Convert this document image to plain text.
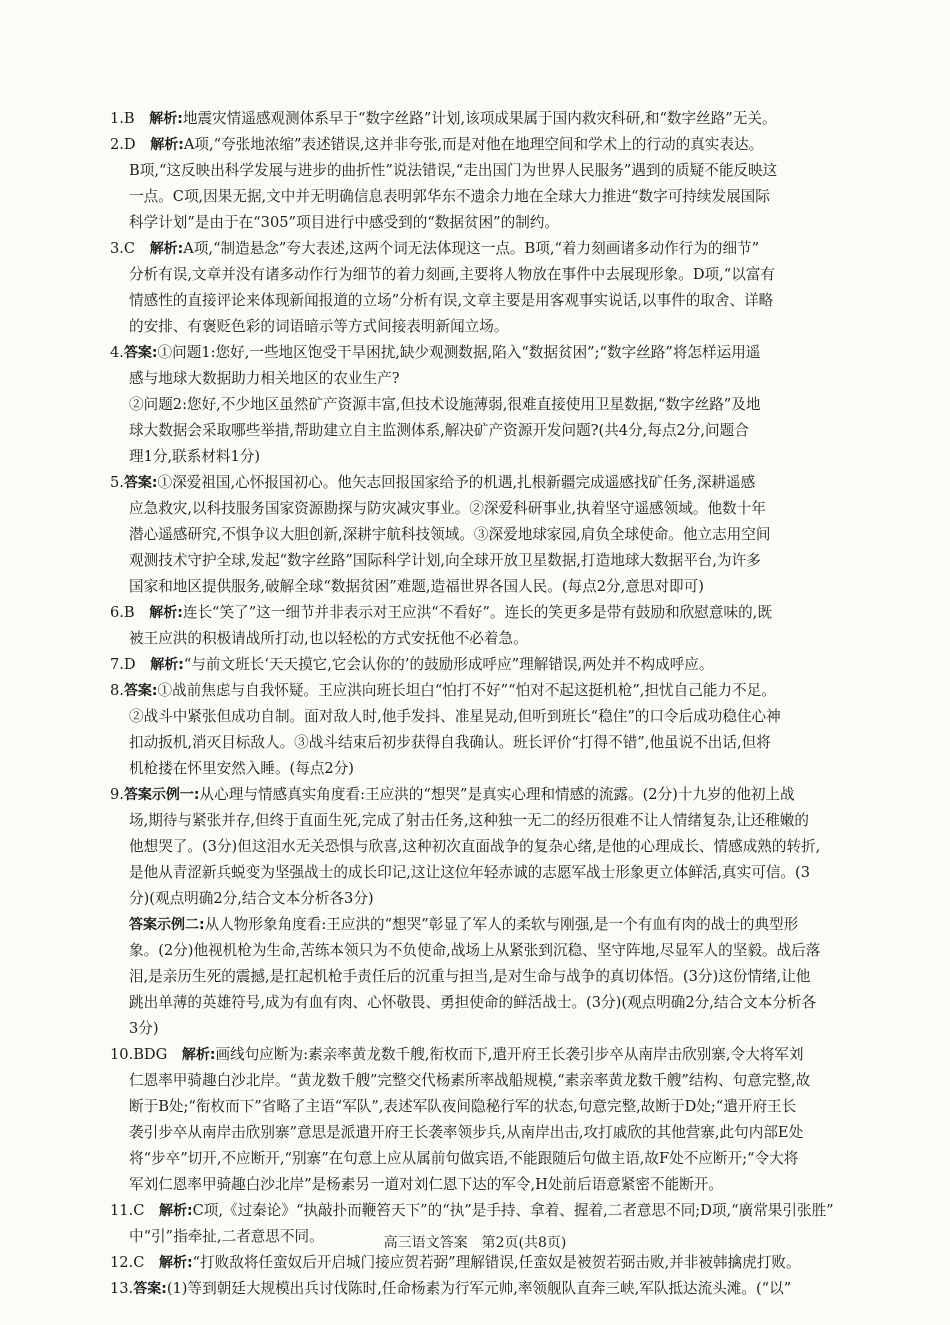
1.B  解析:地震灾情遥感观测体系早于“数字丝路”计划,该项成果属于国内救灾科研,和“数字丝路”无关。
2.D  解析:A项,“夸张地浓缩”表述错误,这并非夸张,而是对他在地理空间和学术上的行动的真实表达。
B项,“这反映出科学发展与进步的曲折性”说法错误,“走出国门为世界人民服务”遇到的质疑不能反映这
一点。C项,因果无据,文中并无明确信息表明郭华东不遗余力地在全球大力推进“数字可持续发展国际
科学计划”是由于在“305”项目进行中感受到的“数据贫困”的制约。
3.C  解析:A项,“制造悬念”夸大表述,这两个词无法体现这一点。B项,“着力刻画诸多动作行为的细节”
分析有误,文章并没有诸多动作行为细节的着力刻画,主要将人物放在事件中去展现形象。D项,“以富有
情感性的直接评论来体现新闻报道的立场”分析有误,文章主要是用客观事实说话,以事件的取舍、详略
的安排、有褒贬色彩的词语暗示等方式间接表明新闻立场。
4.答案:①问题1:您好,一些地区饱受干旱困扰,缺少观测数据,陷入“数据贫困”;“数字丝路”将怎样运用遥
感与地球大数据助力相关地区的农业生产?
②问题2:您好,不少地区虽然矿产资源丰富,但技术设施薄弱,很难直接使用卫星数据,“数字丝路”及地
球大数据会采取哪些举措,帮助建立自主监测体系,解决矿产资源开发问题?(共4分,每点2分,问题合
理1分,联系材料1分)
5.答案:①深爱祖国,心怀报国初心。他矢志回报国家给予的机遇,扎根新疆完成遥感找矿任务,深耕遥感
应急救灾,以科技服务国家资源勘探与防灾减灾事业。②深爱科研事业,执着坚守遥感领域。他数十年
潜心遥感研究,不惧争议大胆创新,深耕宇航科技领域。③深爱地球家园,肩负全球使命。他立志用空间
观测技术守护全球,发起“数字丝路”国际科学计划,向全球开放卫星数据,打造地球大数据平台,为许多
国家和地区提供服务,破解全球“数据贫困”难题,造福世界各国人民。(每点2分,意思对即可)
6.B  解析:连长“笑了”这一细节并非表示对王应洪“不看好”。连长的笑更多是带有鼓励和欣慰意味的,既
被王应洪的积极请战所打动,也以轻松的方式安抚他不必着急。
7.D  解析:“与前文班长‘天天摸它,它会认你的’的鼓励形成呼应”理解错误,两处并不构成呼应。
8.答案:①战前焦虑与自我怀疑。王应洪向班长坦白“怕打不好”“怕对不起这挺机枪”,担忧自己能力不足。
②战斗中紧张但成功自制。面对敌人时,他手发抖、准星晃动,但听到班长“稳住”的口令后成功稳住心神
扣动扳机,消灭目标敌人。③战斗结束后初步获得自我确认。班长评价“打得不错”,他虽说不出话,但将
机枪搂在怀里安然入睡。(每点2分)
9.答案示例一:从心理与情感真实角度看:王应洪的“想哭”是真实心理和情感的流露。(2分)十九岁的他初上战
场,期待与紧张并存,但终于直面生死,完成了射击任务,这种独一无二的经历很难不让人情绪复杂,让还稚嫩的
他想哭了。(3分)但这泪水无关恐惧与欣喜,这种初次直面战争的复杂心绪,是他的心理成长、情感成熟的转折,
是他从青涩新兵蜕变为坚强战士的成长印记,这让这位年轻赤诚的志愿军战士形象更立体鲜活,真实可信。(3
分)(观点明确2分,结合文本分析各3分)
答案示例二:从人物形象角度看:王应洪的“想哭”彰显了军人的柔软与刚强,是一个有血有肉的战士的典型形
象。(2分)他视机枪为生命,苦练本领只为不负使命,战场上从紧张到沉稳、坚守阵地,尽显军人的坚毅。战后落
泪,是亲历生死的震撼,是扛起机枪手责任后的沉重与担当,是对生命与战争的真切体悟。(3分)这份情绪,让他
跳出单薄的英雄符号,成为有血有肉、心怀敬畏、勇担使命的鲜活战士。(3分)(观点明确2分,结合文本分析各
3分)
10.BDG  解析:画线句应断为:素亲率黄龙数千艘,衔枚而下,遣开府王长袭引步卒从南岸击欣别寨,令大将军刘
仁恩率甲骑趣白沙北岸。“黄龙数千艘”完整交代杨素所率战船规模,“素亲率黄龙数千艘”结构、句意完整,故
断于B处;“衔枚而下”省略了主语“军队”,表述军队夜间隐秘行军的状态,句意完整,故断于D处;“遣开府王长
袭引步卒从南岸击欣别寨”意思是派遣开府王长袭率领步兵,从南岸出击,攻打戚欣的其他营寨,此句内部E处
将“步卒”切开,不应断开,“别寨”在句意上应从属前句做宾语,不能跟随后句做主语,故F处不应断开;“令大将
军刘仁恩率甲骑趣白沙北岸”是杨素另一道对刘仁恩下达的军令,H处前后语意紧密不能断开。
11.C  解析:C项,《过秦论》“执敲扑而鞭笞天下”的“执”是手持、拿着、握着,二者意思不同;D项,“廣常果引张胜”
中“引”指牵扯,二者意思不同。
12.C  解析:“打败敌将任蛮奴后开启城门接应贺若弼”理解错误,任蛮奴是被贺若弼击败,并非被韩擒虎打败。
13.答案:(1)等到朝廷大规模出兵讨伐陈时,任命杨素为行军元帅,率领舰队直奔三峡,军队抵达流头滩。(“以”
高三语文答案　第2页(共8页)
